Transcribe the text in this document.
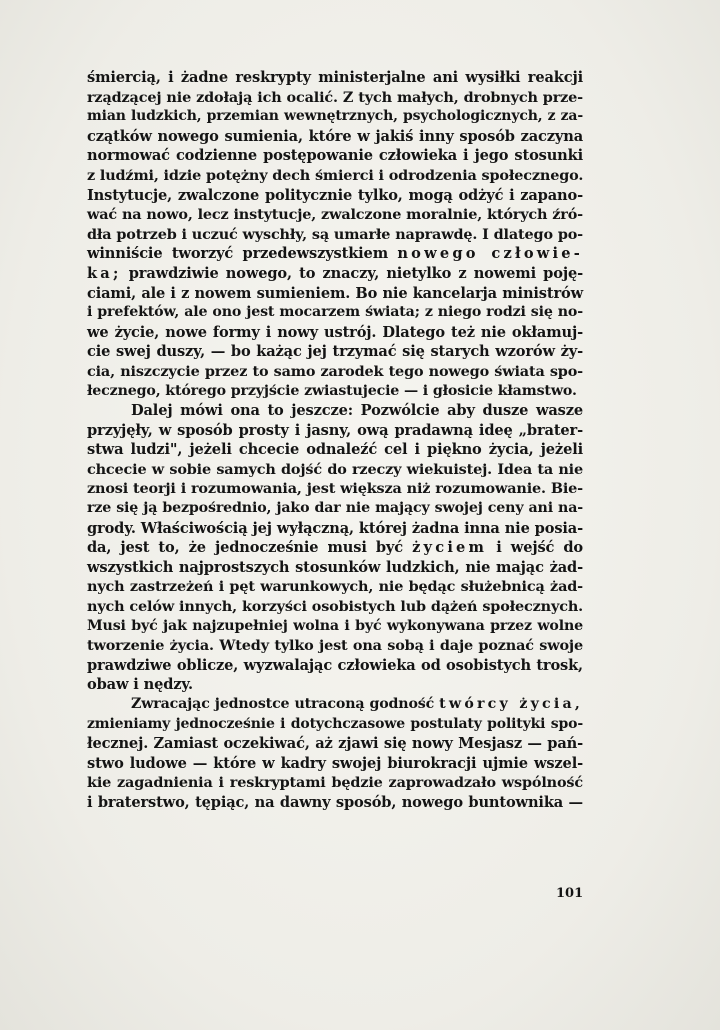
śmiercią, i żadne reskrypty ministerjalne ani wysiłki reakcji
rządzącej nie zdołają ich ocalić. Z tych małych, drobnych prze-
mian ludzkich, przemian wewnętrznych, psychologicznych, z za-
czątków nowego sumienia, które w jakiś inny sposób zaczyna
normować codzienne postępowanie człowieka i jego stosunki
z ludźmi, idzie potężny dech śmierci i odrodzenia społecznego.
Instytucje, zwalczone politycznie tylko, mogą odżyć i zapano-
wać na nowo, lecz instytucje, zwalczone moralnie, których źró-
dła potrzeb i uczuć wyschły, są umarłe naprawdę. I dlatego po-
winniście tworzyć przedewszystkiem nowego człowie-
ka; prawdziwie nowego, to znaczy, nietylko z nowemi poję-
ciami, ale i z nowem sumieniem. Bo nie kancelarja ministrów
i prefektów, ale ono jest mocarzem świata; z niego rodzi się no-
we życie, nowe formy i nowy ustrój. Dlatego też nie okłamuj-
cie swej duszy, — bo każąc jej trzymać się starych wzorów ży-
cia, niszczycie przez to samo zarodek tego nowego świata spo-
łecznego, którego przyjście zwiastujecie — i głosicie kłamstwo.
Dalej mówi ona to jeszcze: Pozwólcie aby dusze wasze
przyjęły, w sposób prosty i jasny, ową pradawną ideę „brater-
stwa ludzi", jeżeli chcecie odnaleźć cel i piękno życia, jeżeli
chcecie w sobie samych dojść do rzeczy wiekuistej. Idea ta nie
znosi teorji i rozumowania, jest większa niż rozumowanie. Bie-
rze się ją bezpośrednio, jako dar nie mający swojej ceny ani na-
grody. Właściwością jej wyłączną, której żadna inna nie posia-
da, jest to, że jednocześnie musi być życiem i wejść do
wszystkich najprostszych stosunków ludzkich, nie mając żad-
nych zastrzeżeń i pęt warunkowych, nie będąc służebnicą żad-
nych celów innych, korzyści osobistych lub dążeń społecznych.
Musi być jak najzupełniej wolna i być wykonywana przez wolne
tworzenie życia. Wtedy tylko jest ona sobą i daje poznać swoje
prawdziwe oblicze, wyzwalając człowieka od osobistych trosk,
obaw i nędzy.
Zwracając jednostce utraconą godność twórcy życia,
zmieniamy jednocześnie i dotychczasowe postulaty polityki spo-
łecznej. Zamiast oczekiwać, aż zjawi się nowy Mesjasz — pań-
stwo ludowe — które w kadry swojej biurokracji ujmie wszel-
kie zagadnienia i reskryptami będzie zaprowadzało wspólność
i braterstwo, tępiąc, na dawny sposób, nowego buntownika —
101
